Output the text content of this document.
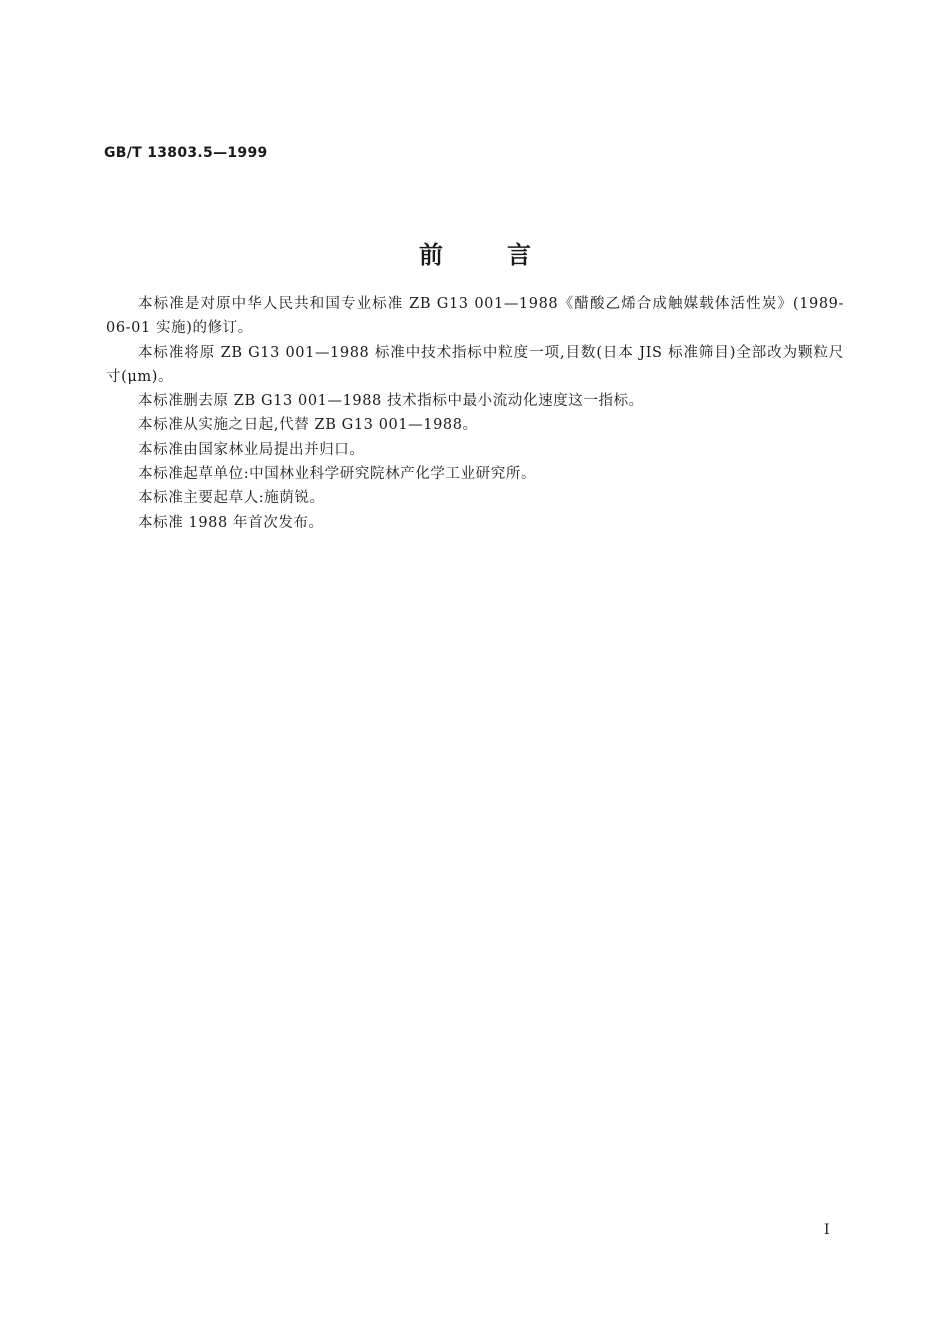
GB/T 13803.5—1999
前	言

本标准是对原中华人民共和国专业标准 ZB G13 001—1988《醋酸乙烯合成触媒载体活性炭》(1989-06-01 实施)的修订。

本标准将原 ZB G13 001—1988 标准中技术指标中粒度一项,目数(日本 JIS 标准筛目)全部改为颗粒尺寸(μm)。

本标准删去原 ZB G13 001—1988 技术指标中最小流动化速度这一指标。

本标准从实施之日起,代替 ZB G13 001—1988。

本标准由国家林业局提出并归口。

本标准起草单位:中国林业科学研究院林产化学工业研究所。

本标准主要起草人:施荫锐。

本标准 1988 年首次发布。

I
